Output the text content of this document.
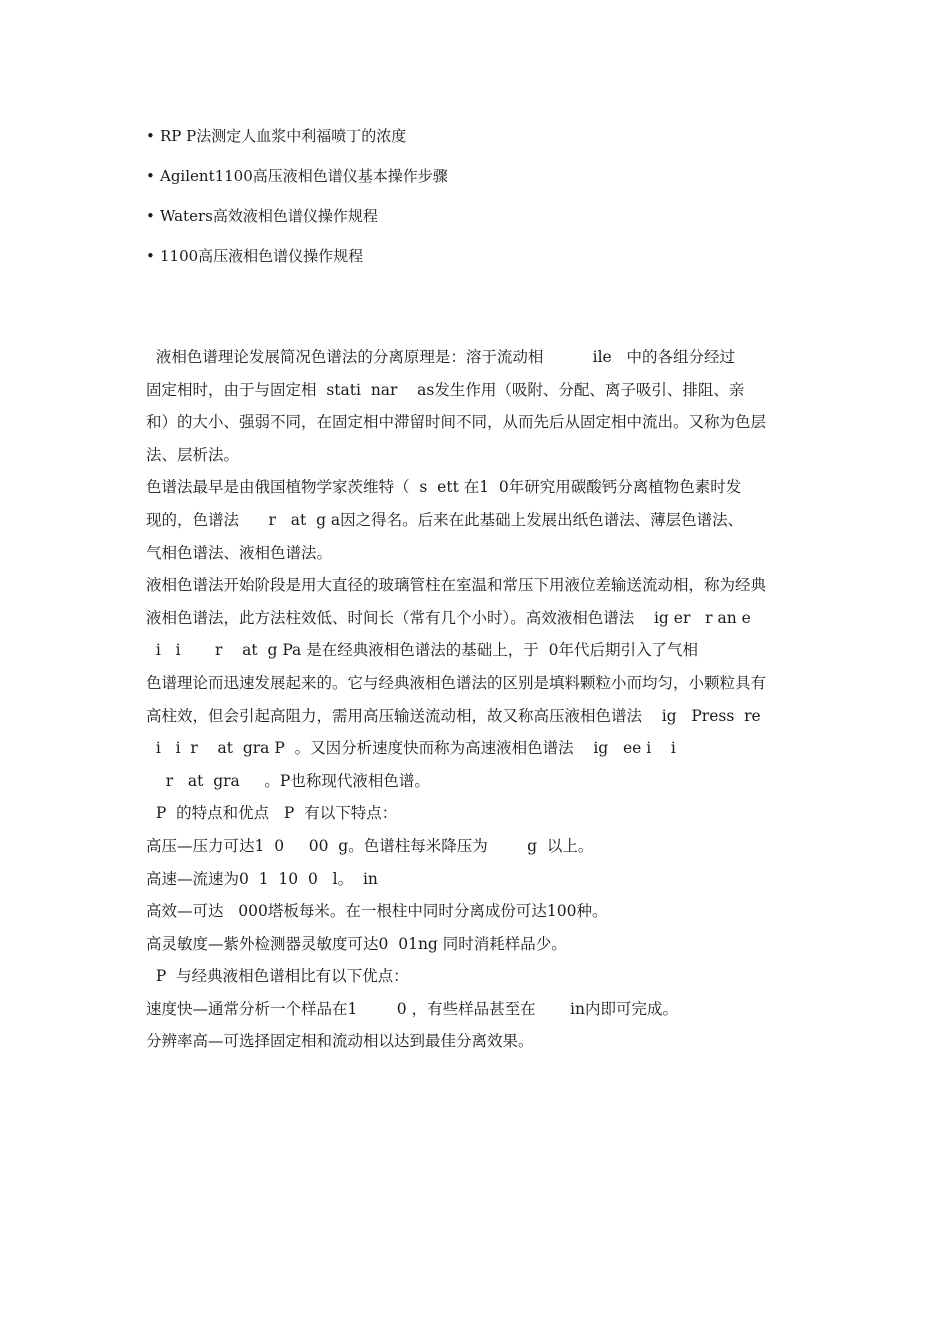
• RP P法测定人血浆中利福喷丁的浓度
• Agilent1100高压液相色谱仪基本操作步骤
• Waters高效液相色谱仪操作规程
• 1100高压液相色谱仪操作规程
液相色谱理论发展简况色谱法的分离原理是：溶于流动相          ile   中的各组分经过
固定相时，由于与固定相  stati  nar    as发生作用（吸附、分配、离子吸引、排阻、亲
和）的大小、强弱不同，在固定相中滞留时间不同，从而先后从固定相中流出。又称为色层
法、层析法。
色谱法最早是由俄国植物学家茨维特（  s  ett 在1  0年研究用碳酸钙分离植物色素时发
现的，色谱法      r   at  g a因之得名。后来在此基础上发展出纸色谱法、薄层色谱法、
气相色谱法、液相色谱法。
液相色谱法开始阶段是用大直径的玻璃管柱在室温和常压下用液位差输送流动相，称为经典
液相色谱法，此方法柱效低、时间长（常有几个小时）。高效液相色谱法    ig er   r an e
i   i       r    at  g Pa 是在经典液相色谱法的基础上，于  0年代后期引入了气相
色谱理论而迅速发展起来的。它与经典液相色谱法的区别是填料颗粒小而均匀，小颗粒具有
高柱效，但会引起高阻力，需用高压输送流动相，故又称高压液相色谱法    ig   Press  re
i   i  r    at  gra P  。又因分析速度快而称为高速液相色谱法    ig   ee i    i
r   at  gra     。P也称现代液相色谱。
P  的特点和优点   P  有以下特点：
高压—压力可达1  0     00  g。色谱柱每米降压为        g  以上。
高速—流速为0  1  10  0   l。  in
高效—可达   000塔板每米。在一根柱中同时分离成份可达100种。
高灵敏度—紫外检测器灵敏度可达0  01ng 同时消耗样品少。
P  与经典液相色谱相比有以下优点：
速度快—通常分析一个样品在1        0 ，有些样品甚至在       in内即可完成。
分辨率高—可选择固定相和流动相以达到最佳分离效果。
